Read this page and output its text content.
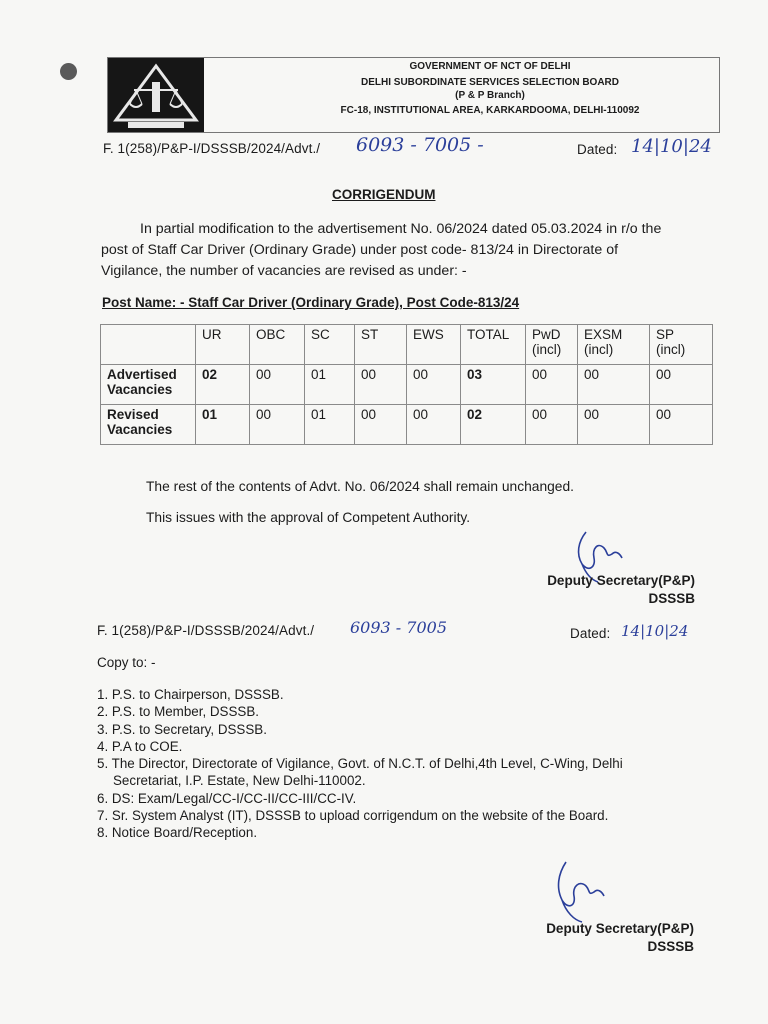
GOVERNMENT OF NCT OF DELHI
DELHI SUBORDINATE SERVICES SELECTION BOARD
(P & P Branch)
FC-18, INSTITUTIONAL AREA, KARKARDOOMA, DELHI-110092
F. 1(258)/P&P-I/DSSSB/2024/Advt./ 6093 - 7005 -	Dated: 14|10|24
CORRIGENDUM
In partial modification to the advertisement No. 06/2024 dated 05.03.2024 in r/o the
post of Staff Car Driver (Ordinary Grade) under post code- 813/24 in Directorate of
Vigilance, the number of vacancies are revised as under: -
Post Name: - Staff Car Driver (Ordinary Grade), Post Code-813/24
	UR	OBC	SC	ST	EWS	TOTAL	PwD (incl)	EXSM (incl)	SP (incl)
Advertised Vacancies	02	00	01	00	00	03	00	00	00
Revised Vacancies	01	00	01	00	00	02	00	00	00
The rest of the contents of Advt. No. 06/2024 shall remain unchanged.
This issues with the approval of Competent Authority.
Deputy Secretary(P&P)
DSSSB
F. 1(258)/P&P-I/DSSSB/2024/Advt./ 6093 - 7005	Dated: 14|10|24
Copy to: -
1. P.S. to Chairperson, DSSSB.
2. P.S. to Member, DSSSB.
3. P.S. to Secretary, DSSSB.
4. P.A to COE.
5. The Director, Directorate of Vigilance, Govt. of N.C.T. of Delhi,4th Level, C-Wing, Delhi Secretariat, I.P. Estate, New Delhi-110002.
6. DS: Exam/Legal/CC-I/CC-II/CC-III/CC-IV.
7. Sr. System Analyst (IT), DSSSB to upload corrigendum on the website of the Board.
8. Notice Board/Reception.
Deputy Secretary(P&P)
DSSSB
